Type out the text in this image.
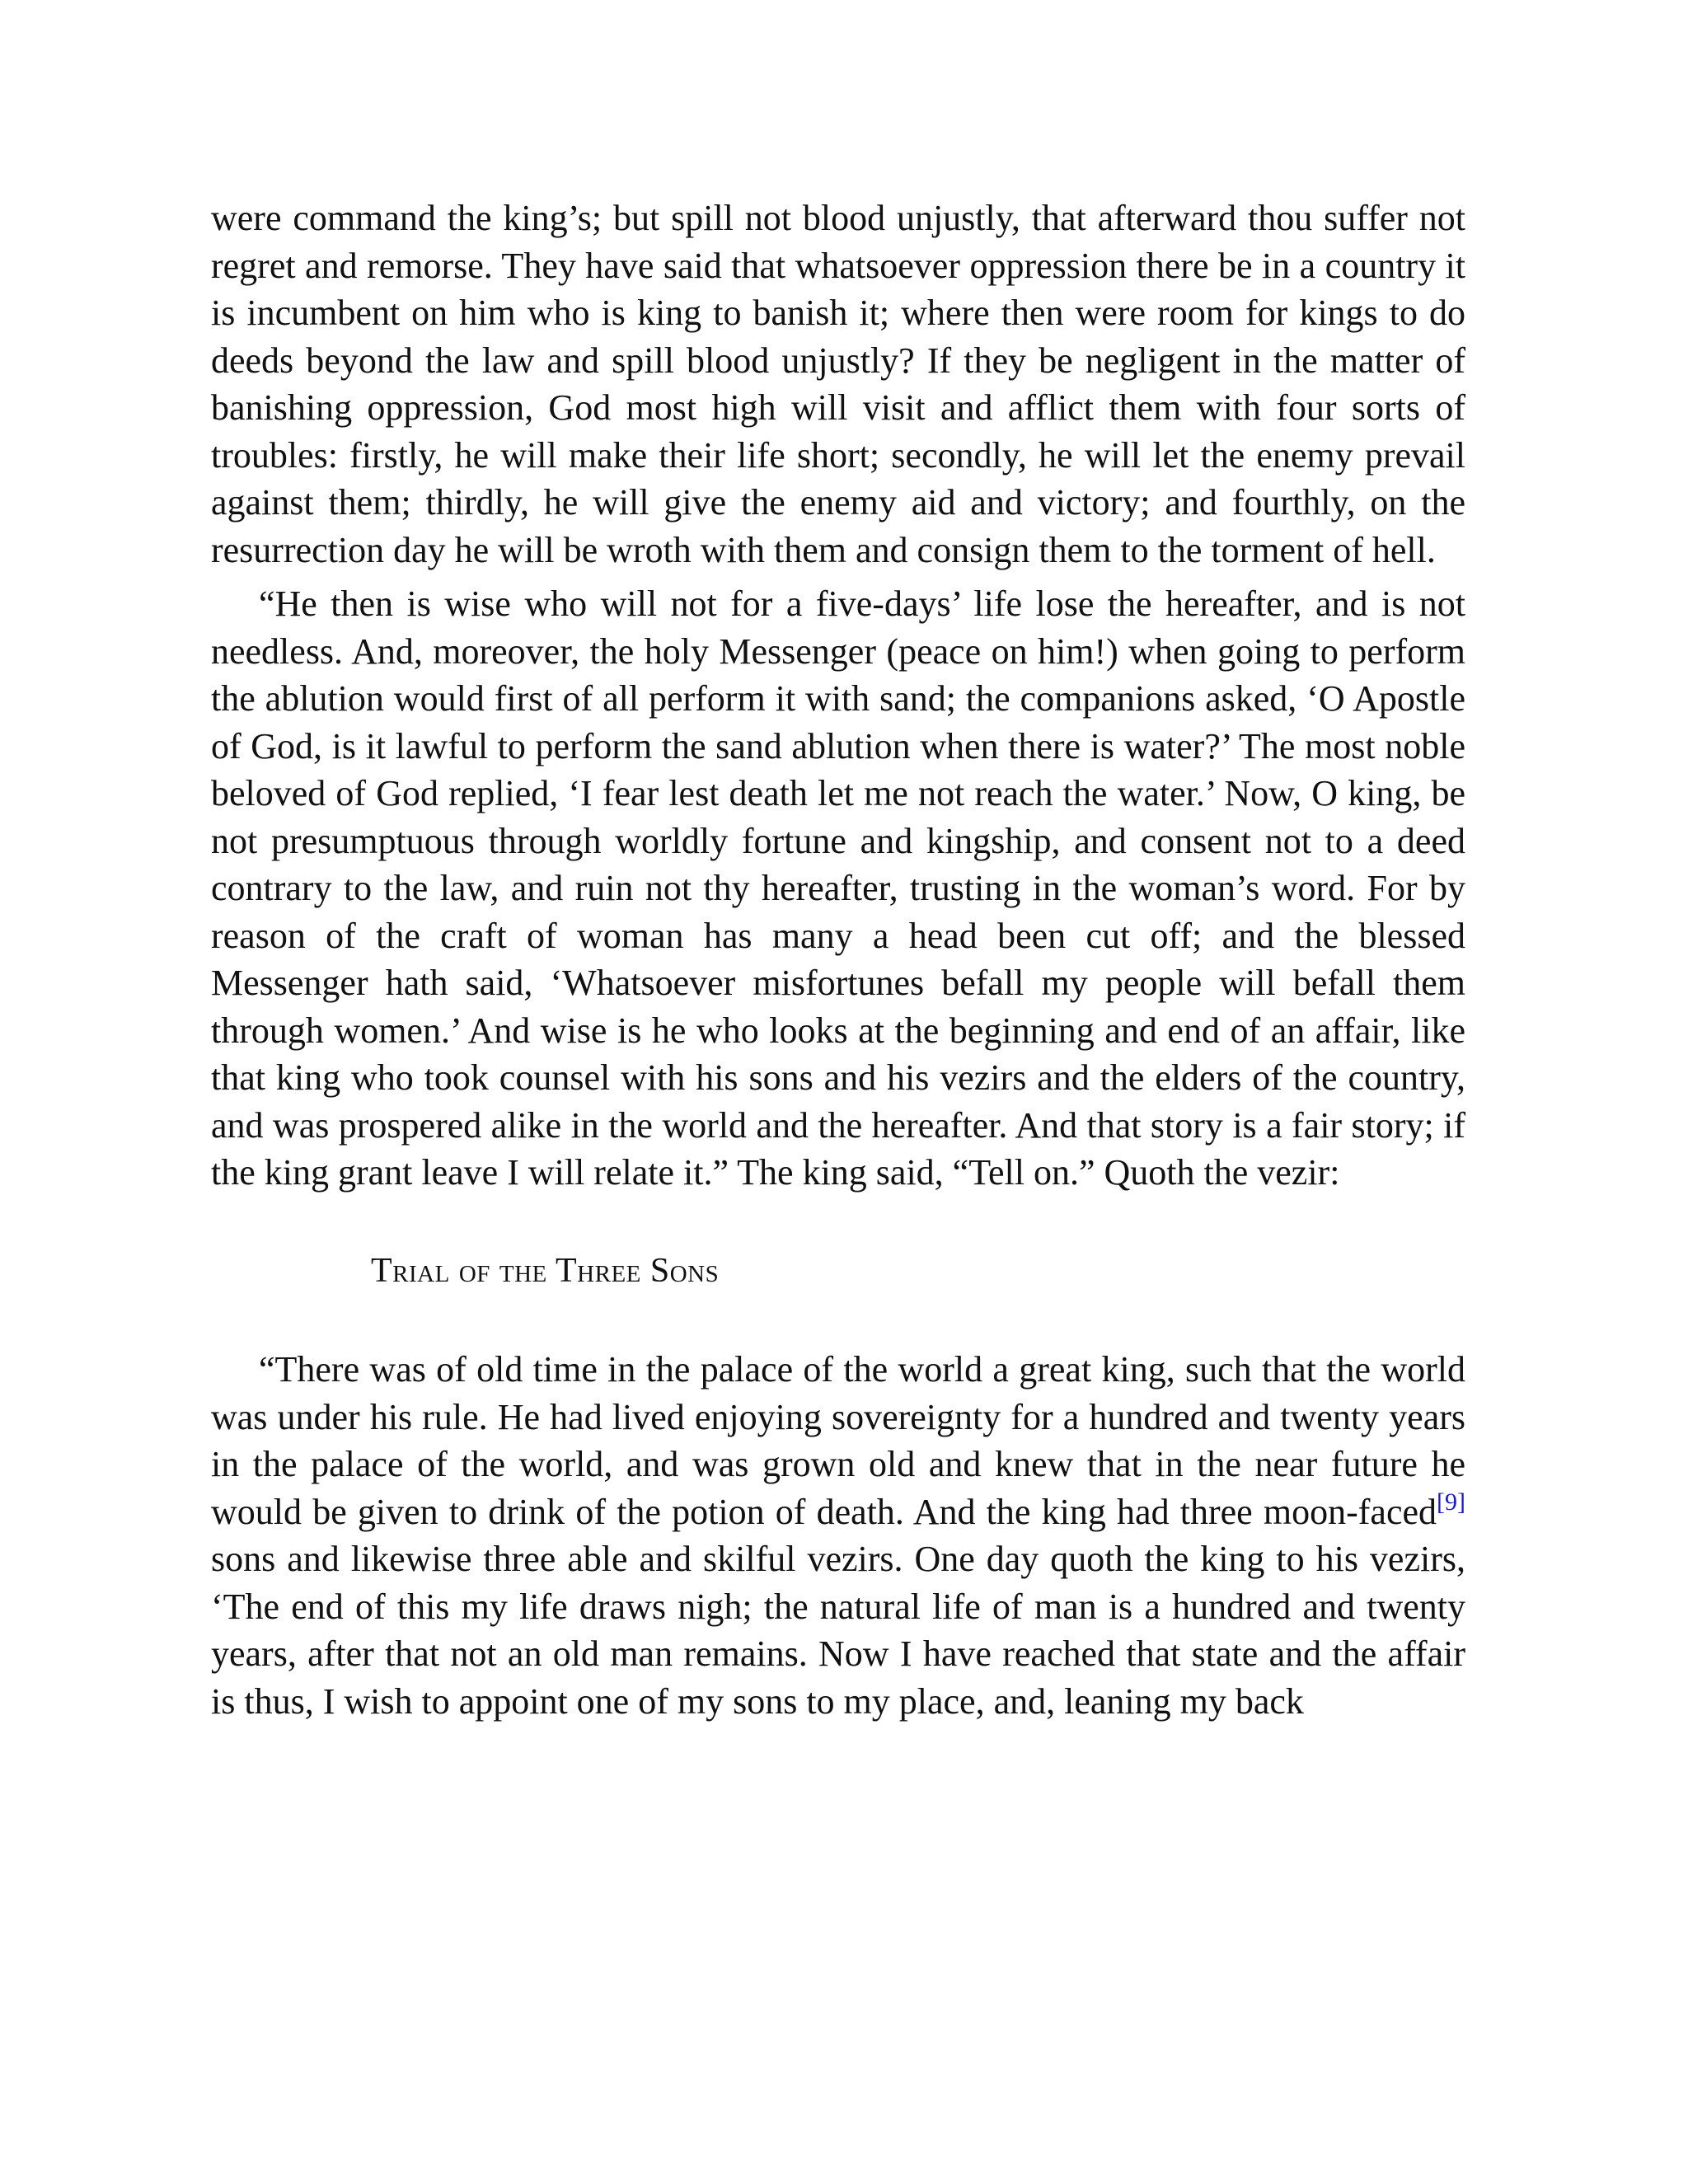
were command the king’s; but spill not blood unjustly, that afterward thou suffer not regret and remorse. They have said that whatsoever oppression there be in a country it is incumbent on him who is king to banish it; where then were room for kings to do deeds beyond the law and spill blood unjustly? If they be negligent in the matter of banishing oppression, God most high will visit and afflict them with four sorts of troubles: firstly, he will make their life short; secondly, he will let the enemy prevail against them; thirdly, he will give the enemy aid and victory; and fourthly, on the resurrection day he will be wroth with them and consign them to the torment of hell.

“He then is wise who will not for a five-days’ life lose the hereafter, and is not needless. And, moreover, the holy Messenger (peace on him!) when going to perform the ablution would first of all perform it with sand; the companions asked, ‘O Apostle of God, is it lawful to perform the sand ablution when there is water?’ The most noble beloved of God replied, ‘I fear lest death let me not reach the water.’ Now, O king, be not presumptuous through worldly fortune and kingship, and consent not to a deed contrary to the law, and ruin not thy hereafter, trusting in the woman’s word. For by reason of the craft of woman has many a head been cut off; and the blessed Messenger hath said, ‘Whatsoever misfortunes befall my people will befall them through women.’ And wise is he who looks at the beginning and end of an affair, like that king who took counsel with his sons and his vezirs and the elders of the country, and was prospered alike in the world and the hereafter. And that story is a fair story; if the king grant leave I will relate it.” The king said, “Tell on.” Quoth the vezir:

Trial of the Three Sons

“There was of old time in the palace of the world a great king, such that the world was under his rule. He had lived enjoying sovereignty for a hundred and twenty years in the palace of the world, and was grown old and knew that in the near future he would be given to drink of the potion of death. And the king had three moon-faced[9] sons and likewise three able and skilful vezirs. One day quoth the king to his vezirs, ‘The end of this my life draws nigh; the natural life of man is a hundred and twenty years, after that not an old man remains. Now I have reached that state and the affair is thus, I wish to appoint one of my sons to my place, and, leaning my back
